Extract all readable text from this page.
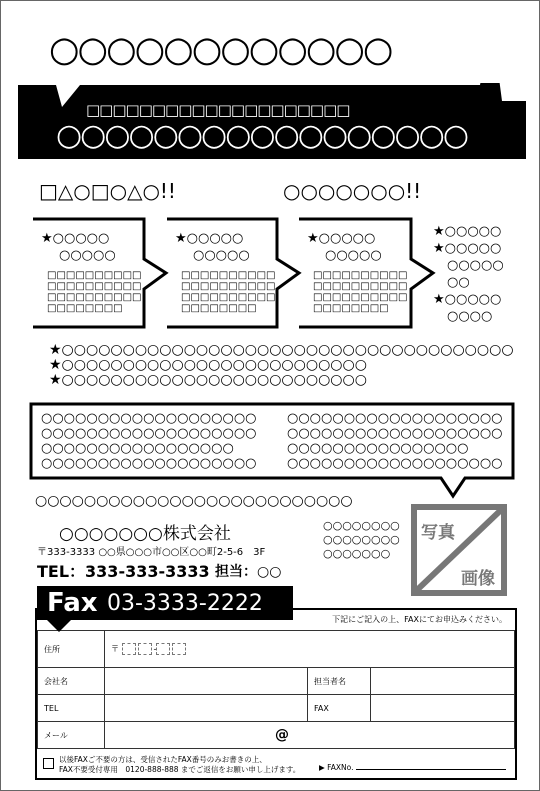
○○○○○○○○○○○○
□□□□□□□□□□□□□□□□□□□□
○○○○○○○○○○○○○○○○○
□△○□○△○!!	○○○○○○○!!
★○○○○○
○○○○○
□□□□□□□□□□
□□□□□□□□□□
□□□□□□□□□□
□□□□□□□□
★○○○○○
○○○○○
□□□□□□□□□□
□□□□□□□□□□
□□□□□□□□□□
□□□□□□□□
★○○○○○
○○○○○
□□□□□□□□□□
□□□□□□□□□□
□□□□□□□□□□
□□□□□□□□
★○○○○○
★○○○○○
○○○○○
○○
★○○○○○
○○○○
★○○○○○○○○○○○○○○○○○○○○○○○○○○○○○○○○○○○○○
★○○○○○○○○○○○○○○○○○○○○○○○○○
★○○○○○○○○○○○○○○○○○○○○○○○○○
○○○○○○○○○○○○○○○○○○○
○○○○○○○○○○○○○○○○○○○
○○○○○○○○○○○○○○○○○
○○○○○○○○○○○○○○○○○○○
○○○○○○○○○○○○○○○○○○○
○○○○○○○○○○○○○○○○○○○
○○○○○○○○○○○○○○○○
○○○○○○○○○○○○○○○○○○○
○○○○○○○○○○○○○○○○○○○○○○○○○○
○○○○○○○株式会社
〒333-3333 ○○県○○○市○○区○○町2-5-6　3F
TEL：333-333-3333 担当：○○
○○○○○○○○
○○○○○○○○
○○○○○○○
写真
画像
下記にご記入の上、FAXにてお申込みください。
住所	〒 -		
会社名		担当者名	
TEL		FAX	
メール	@		
以後FAXご不要の方は、受信されたFAX番号のみお書きの上、
FAX不要受付専用　0120-888-888 までご返信をお願い申し上げます。 ▶ FAXNo.
Fax 03-3333-2222
